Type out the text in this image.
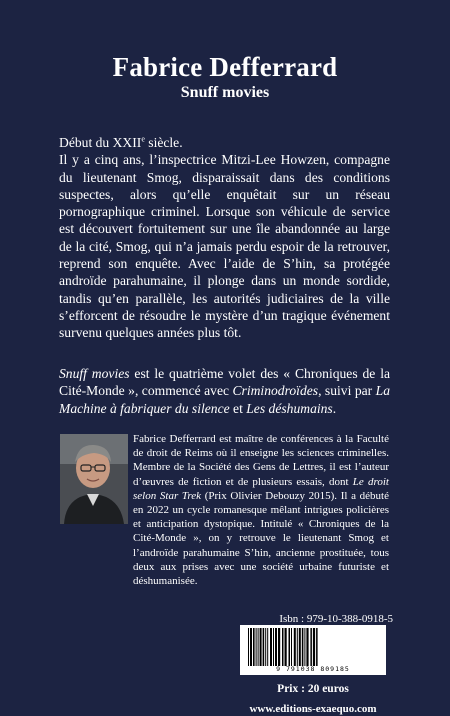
Fabrice Defferrard
Snuff movies

Début du XXIIe siècle.

Il y a cinq ans, l’inspectrice Mitzi-Lee Howzen, compagne du lieutenant Smog, disparaissait dans des conditions suspectes, alors qu’elle enquêtait sur un réseau pornographique criminel. Lorsque son véhicule de service est découvert fortuitement sur une île abandonnée au large de la cité, Smog, qui n’a jamais perdu espoir de la retrouver, reprend son enquête. Avec l’aide de S’hin, sa protégée androïde parahumaine, il plonge dans un monde sordide, tandis qu’en parallèle, les autorités judiciaires de la ville s’efforcent de résoudre le mystère d’un tragique événement survenu quelques années plus tôt.

Snuff movies est le quatrième volet des « Chroniques de la Cité-Monde », commencé avec Criminodroïdes, suivi par La Machine à fabriquer du silence et Les déshumains.
Fabrice Defferrard est maître de conférences à la Faculté de droit de Reims où il enseigne les sciences criminelles. Membre de la Société des Gens de Lettres, il est l’auteur d’œuvres de fiction et de plusieurs essais, dont Le droit selon Star Trek (Prix Olivier Debouzy 2015). Il a débuté en 2022 un cycle romanesque mêlant intrigues policières et anticipation dystopique. Intitulé « Chroniques de la Cité-Monde », on y retrouve le lieutenant Smog et l’androïde parahumaine S’hin, ancienne prostituée, tous deux aux prises avec une société urbaine futuriste et déshumanisée.
Isbn : 979-10-388-0918-5
9 791038 809185
Prix : 20 euros
www.editions-exaequo.com
